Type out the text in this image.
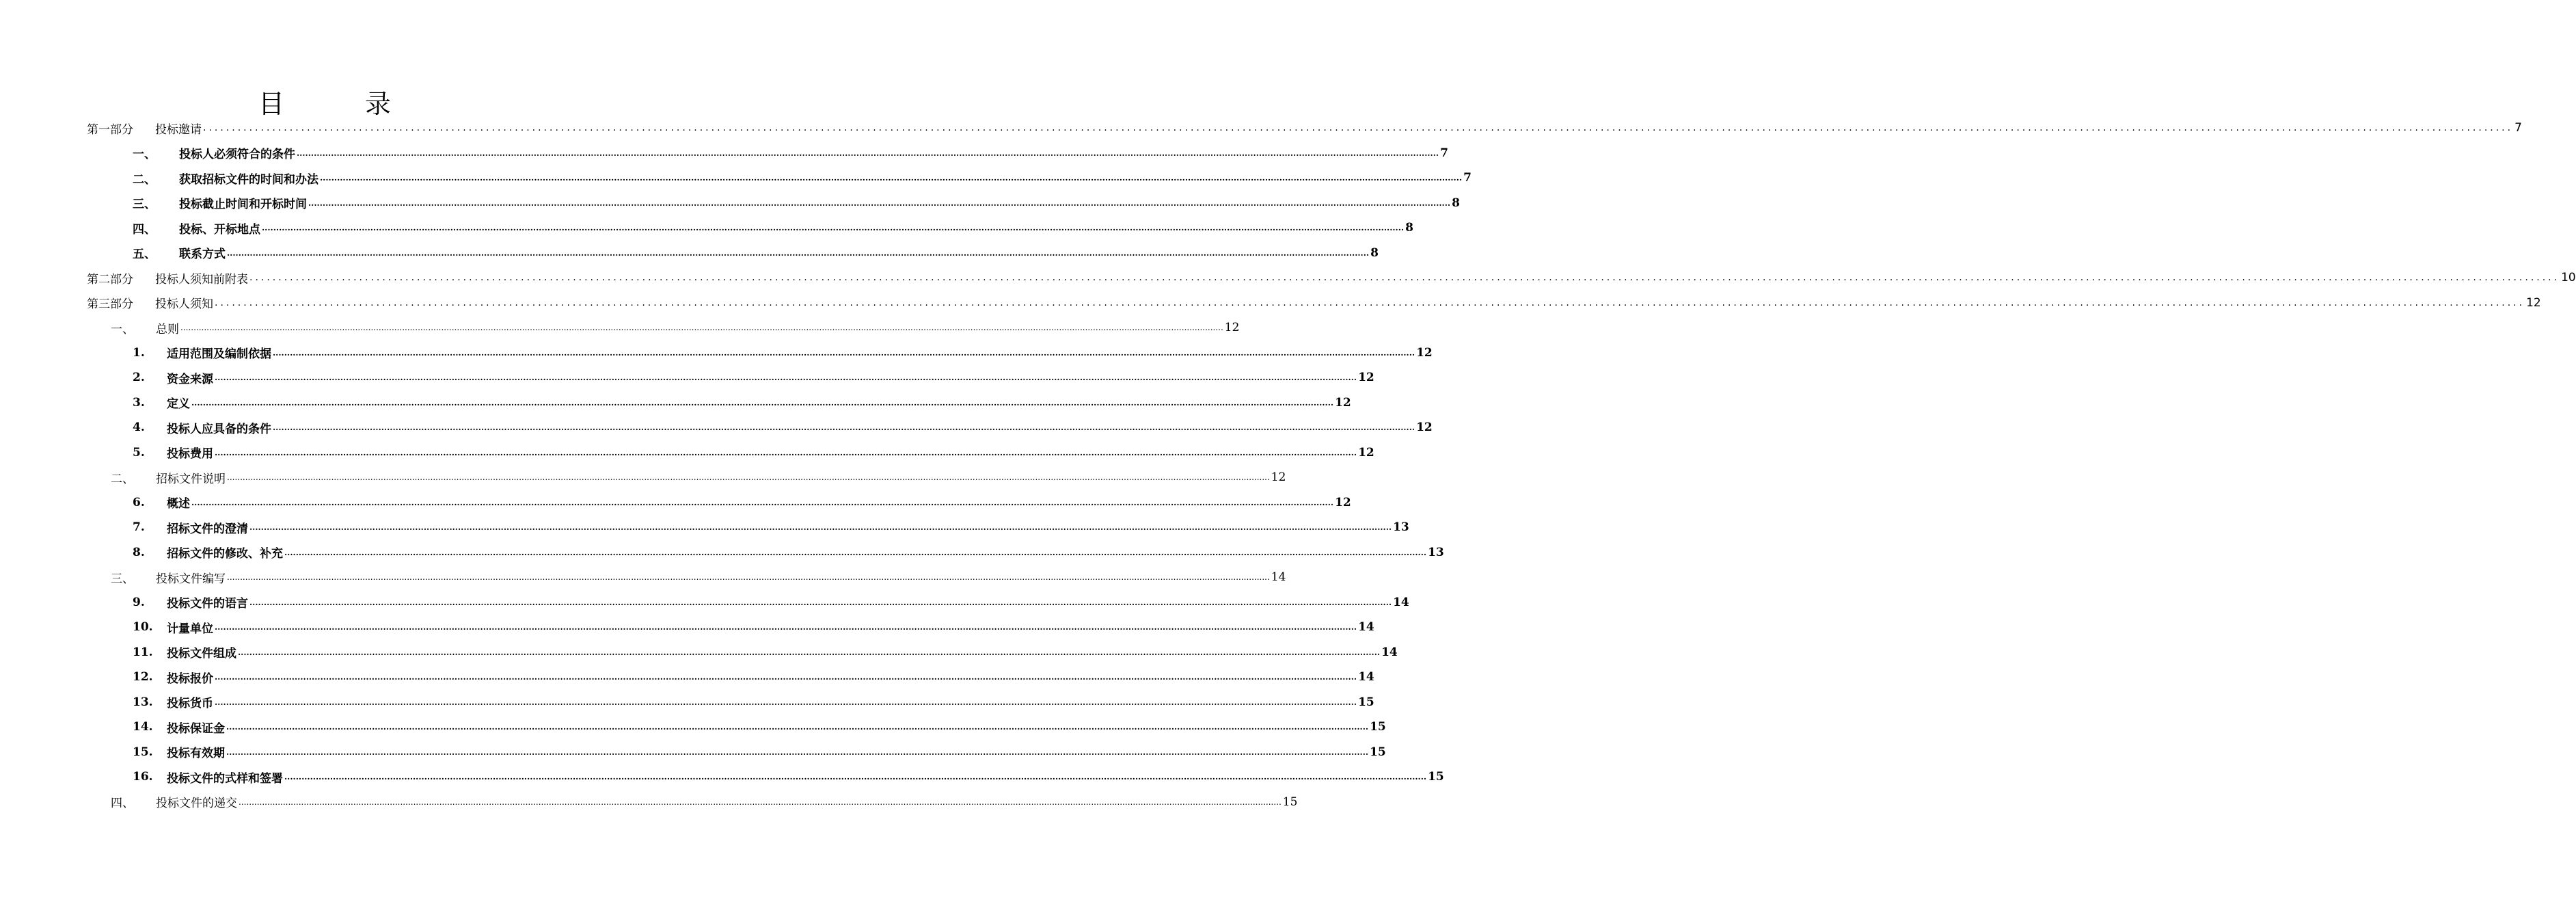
目　录
第一部分	投标邀请 ................................................................................................................................................................................................................................................................................................................................................................................................................ 7
一、	投标人必须符合的条件 ................................................................................................................................................................................................................................................................................................................................................................................................................ 7
二、	获取招标文件的时间和办法 ................................................................................................................................................................................................................................................................................................................................................................................................................ 7
三、	投标截止时间和开标时间 ................................................................................................................................................................................................................................................................................................................................................................................................................ 8
四、	投标、开标地点 ................................................................................................................................................................................................................................................................................................................................................................................................................ 8
五、	联系方式 ................................................................................................................................................................................................................................................................................................................................................................................................................ 8
第二部分	投标人须知前附表 ................................................................................................................................................................................................................................................................................................................................................................................................................ 10
第三部分	投标人须知 ................................................................................................................................................................................................................................................................................................................................................................................................................ 12
一、	总则 ................................................................................................................................................................................................................................................................................................................................................................................................................ 12
1.	适用范围及编制依据 ................................................................................................................................................................................................................................................................................................................................................................................................................ 12
2.	资金来源 ................................................................................................................................................................................................................................................................................................................................................................................................................ 12
3.	定义 ................................................................................................................................................................................................................................................................................................................................................................................................................ 12
4.	投标人应具备的条件 ................................................................................................................................................................................................................................................................................................................................................................................................................ 12
5.	投标费用 ................................................................................................................................................................................................................................................................................................................................................................................................................ 12
二、	招标文件说明 ................................................................................................................................................................................................................................................................................................................................................................................................................ 12
6.	概述 ................................................................................................................................................................................................................................................................................................................................................................................................................ 12
7.	招标文件的澄清 ................................................................................................................................................................................................................................................................................................................................................................................................................ 13
8.	招标文件的修改、补充 ................................................................................................................................................................................................................................................................................................................................................................................................................ 13
三、	投标文件编写 ................................................................................................................................................................................................................................................................................................................................................................................................................ 14
9.	投标文件的语言 ................................................................................................................................................................................................................................................................................................................................................................................................................ 14
10.	计量单位 ................................................................................................................................................................................................................................................................................................................................................................................................................ 14
11.	投标文件组成 ................................................................................................................................................................................................................................................................................................................................................................................................................ 14
12.	投标报价 ................................................................................................................................................................................................................................................................................................................................................................................................................ 14
13.	投标货币 ................................................................................................................................................................................................................................................................................................................................................................................................................ 15
14.	投标保证金 ................................................................................................................................................................................................................................................................................................................................................................................................................ 15
15.	投标有效期 ................................................................................................................................................................................................................................................................................................................................................................................................................ 15
16.	投标文件的式样和签署 ................................................................................................................................................................................................................................................................................................................................................................................................................ 15
四、	投标文件的递交 ................................................................................................................................................................................................................................................................................................................................................................................................................ 15
